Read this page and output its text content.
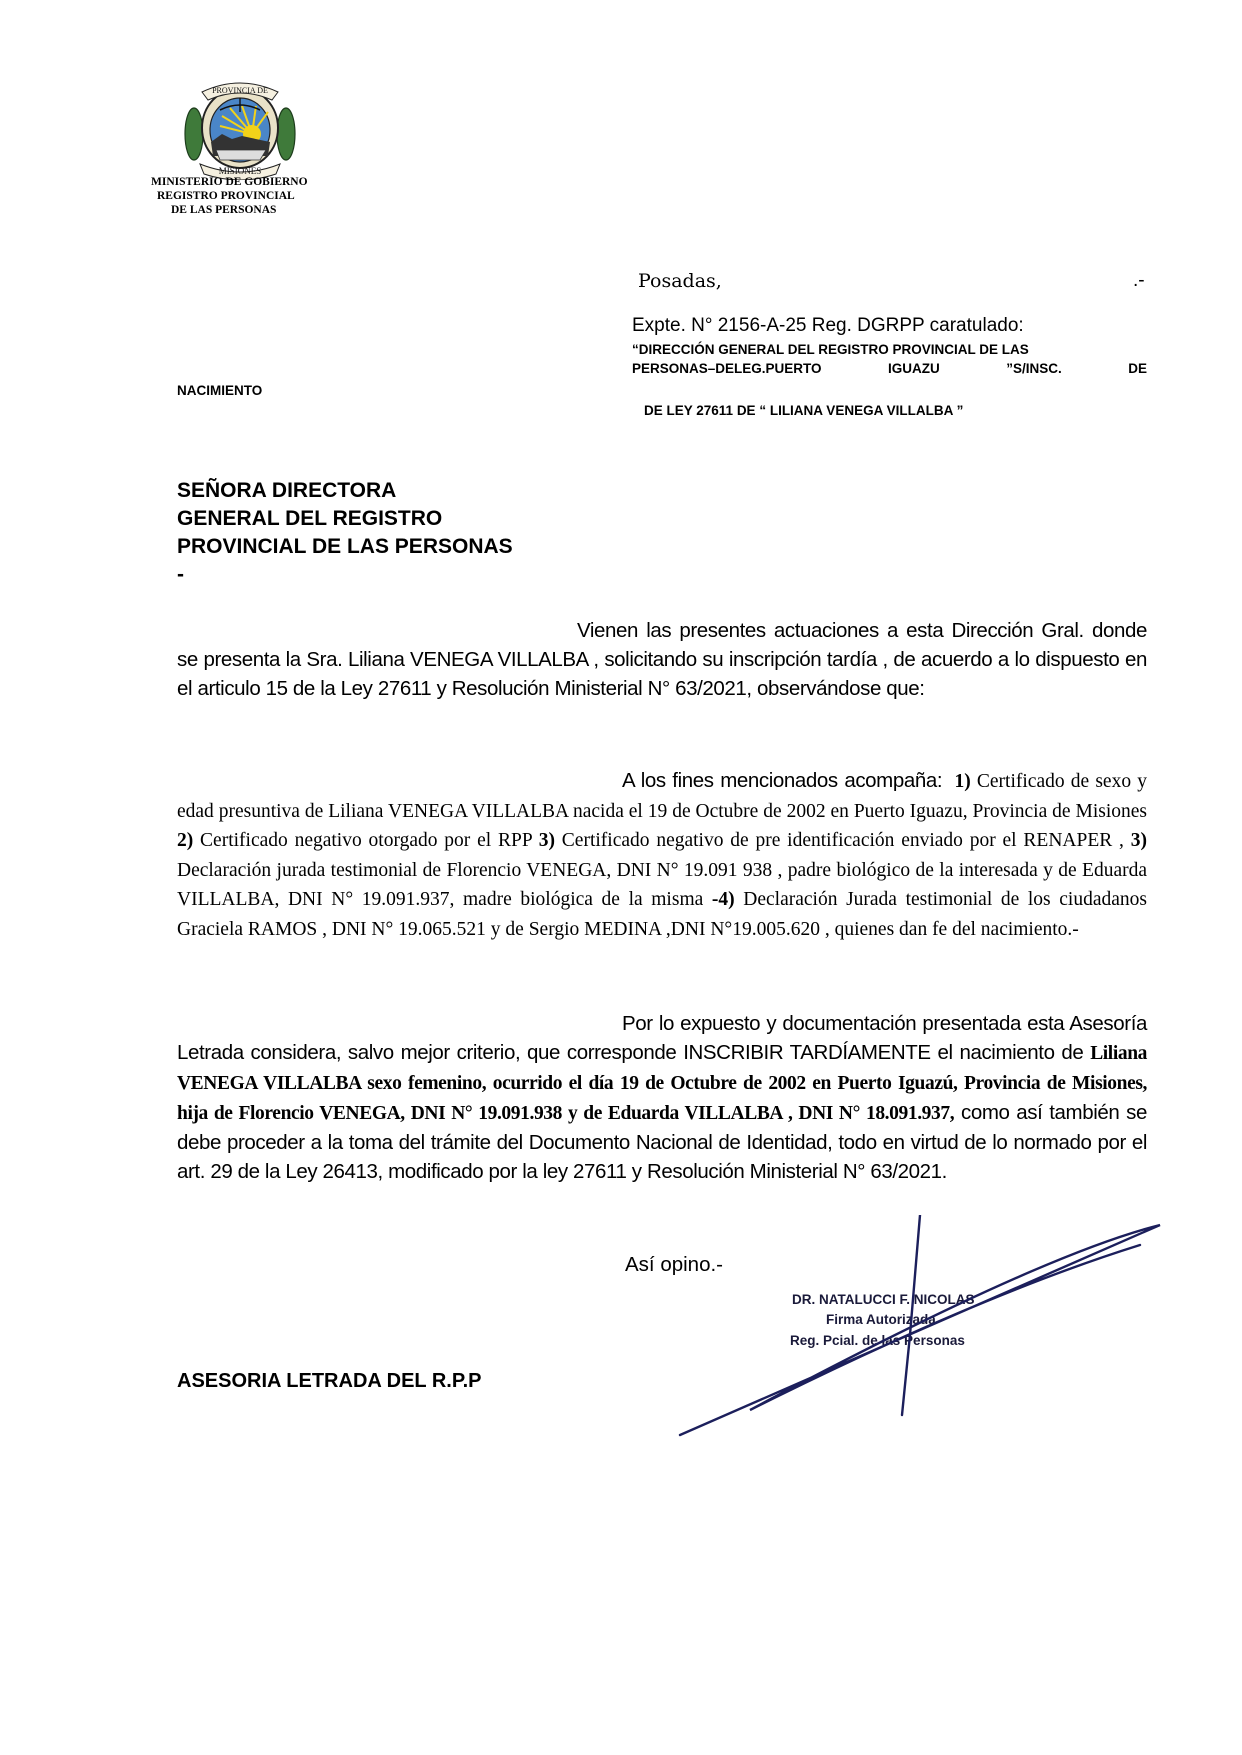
PROVINCIA DE
MISIONES
MINISTERIO DE GOBIERNO
REGISTRO PROVINCIAL
DE LAS PERSONAS
Posadas,	.-
Expte. N° 2156-A-25 Reg. DGRPP caratulado:
“DIRECCIÓN GENERAL DEL REGISTRO PROVINCIAL DE LAS
PERSONAS–DELEG.PUERTO	IGUAZU	”S/INSC.	DE
NACIMIENTO
DE LEY 27611 DE “ LILIANA VENEGA VILLALBA ”
SEÑORA DIRECTORA
GENERAL DEL REGISTRO
PROVINCIAL DE LAS PERSONAS
-
Vienen las presentes actuaciones a esta Dirección Gral. donde se presenta la Sra. Liliana VENEGA VILLALBA , solicitando su inscripción tardía , de acuerdo a lo dispuesto en el articulo 15 de la Ley 27611 y Resolución Ministerial N° 63/2021, observándose que:
A los fines mencionados acompaña: 1) Certificado de sexo y edad presuntiva de Liliana VENEGA VILLALBA nacida el 19 de Octubre de 2002 en Puerto Iguazu, Provincia de Misiones 2) Certificado negativo otorgado por el RPP 3) Certificado negativo de pre identificación enviado por el RENAPER , 3) Declaración jurada testimonial de Florencio VENEGA, DNI N° 19.091 938 , padre biológico de la interesada y de Eduarda VILLALBA, DNI N° 19.091.937, madre biológica de la misma -4) Declaración Jurada testimonial de los ciudadanos Graciela RAMOS , DNI N° 19.065.521 y de Sergio MEDINA ,DNI N°19.005.620 , quienes dan fe del nacimiento.-
Por lo expuesto y documentación presentada esta Asesoría Letrada considera, salvo mejor criterio, que corresponde INSCRIBIR TARDÍAMENTE el nacimiento de Liliana VENEGA VILLALBA sexo femenino, ocurrido el día 19 de Octubre de 2002 en Puerto Iguazú, Provincia de Misiones, hija de Florencio VENEGA, DNI N° 19.091.938 y de Eduarda VILLALBA , DNI N° 18.091.937, como así también se debe proceder a la toma del trámite del Documento Nacional de Identidad, todo en virtud de lo normado por el art. 29 de la Ley 26413, modificado por la ley 27611 y Resolución Ministerial N° 63/2021.
Así opino.-
DR. NATALUCCI F. NICOLAS
Firma Autorizada
Reg. Pcial. de las Personas
ASESORIA LETRADA DEL R.P.P
